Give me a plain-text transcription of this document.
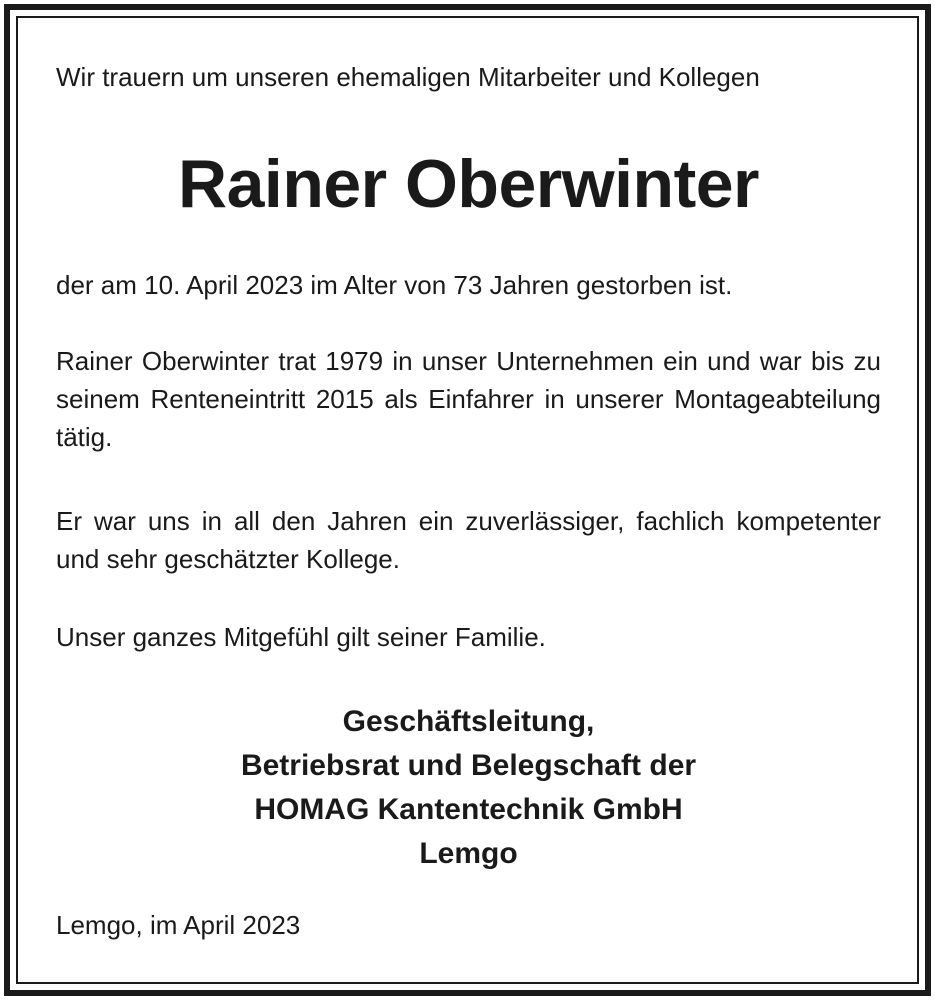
Wir trauern um unseren ehemaligen Mitarbeiter und Kollegen
Rainer Oberwinter
der am 10. April 2023 im Alter von 73 Jahren gestorben ist.
Rainer Oberwinter trat 1979 in unser Unternehmen ein und war bis zu seinem Renteneintritt 2015 als Einfahrer in unserer Montageabteilung tätig.
Er war uns in all den Jahren ein zuverlässiger, fachlich kompetenter und sehr geschätzter Kollege.
Unser ganzes Mitgefühl gilt seiner Familie.
Geschäftsleitung,
Betriebsrat und Belegschaft der
HOMAG Kantentechnik GmbH
Lemgo
Lemgo, im April 2023
